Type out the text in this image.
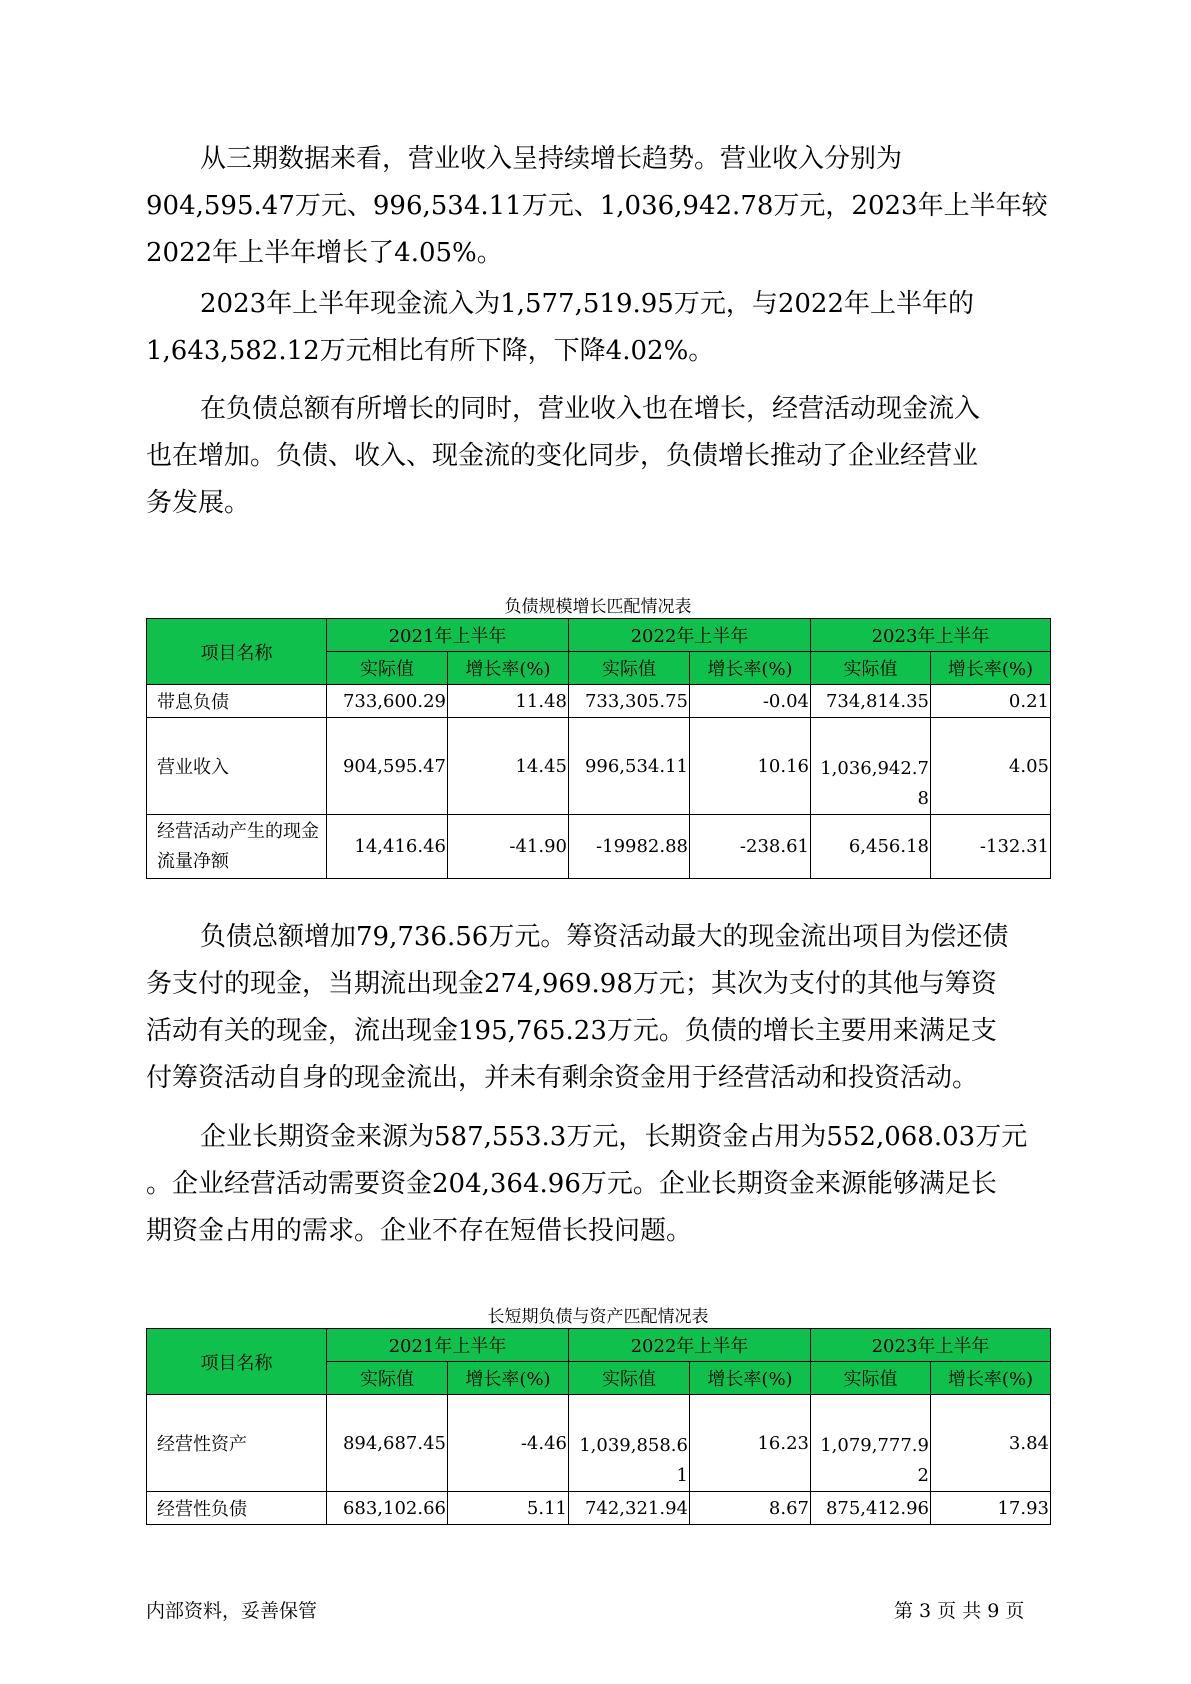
从三期数据来看，营业收入呈持续增长趋势。营业收入分别为
904,595.47万元、996,534.11万元、1,036,942.78万元，2023年上半年较
2022年上半年增长了4.05%。

2023年上半年现金流入为1,577,519.95万元，与2022年上半年的
1,643,582.12万元相比有所下降，下降4.02%。

在负债总额有所增长的同时，营业收入也在增长，经营活动现金流入
也在增加。负债、收入、现金流的变化同步，负债增长推动了企业经营业
务发展。

负债规模增长匹配情况表

项目名称	2021年上半年		2022年上半年		2023年上半年	
	实际值	增长率(%)	实际值	增长率(%)	实际值	增长率(%)
带息负债	733,600.29	11.48	733,305.75	-0.04	734,814.35	0.21
营业收入	904,595.47	14.45	996,534.11	10.16	1,036,942.78	4.05
经营活动产生的现金流量净额	14,416.46	-41.90	-19982.88	-238.61	6,456.18	-132.31

负债总额增加79,736.56万元。筹资活动最大的现金流出项目为偿还债
务支付的现金，当期流出现金274,969.98万元；其次为支付的其他与筹资
活动有关的现金，流出现金195,765.23万元。负债的增长主要用来满足支
付筹资活动自身的现金流出，并未有剩余资金用于经营活动和投资活动。

企业长期资金来源为587,553.3万元，长期资金占用为552,068.03万元
。企业经营活动需要资金204,364.96万元。企业长期资金来源能够满足长
期资金占用的需求。企业不存在短借长投问题。

长短期负债与资产匹配情况表

项目名称	2021年上半年		2022年上半年		2023年上半年	
	实际值	增长率(%)	实际值	增长率(%)	实际值	增长率(%)
经营性资产	894,687.45	-4.46	1,039,858.61	16.23	1,079,777.92	3.84
经营性负债	683,102.66	5.11	742,321.94	8.67	875,412.96	17.93
内部资料，妥善保管	第 3 页 共 9 页
